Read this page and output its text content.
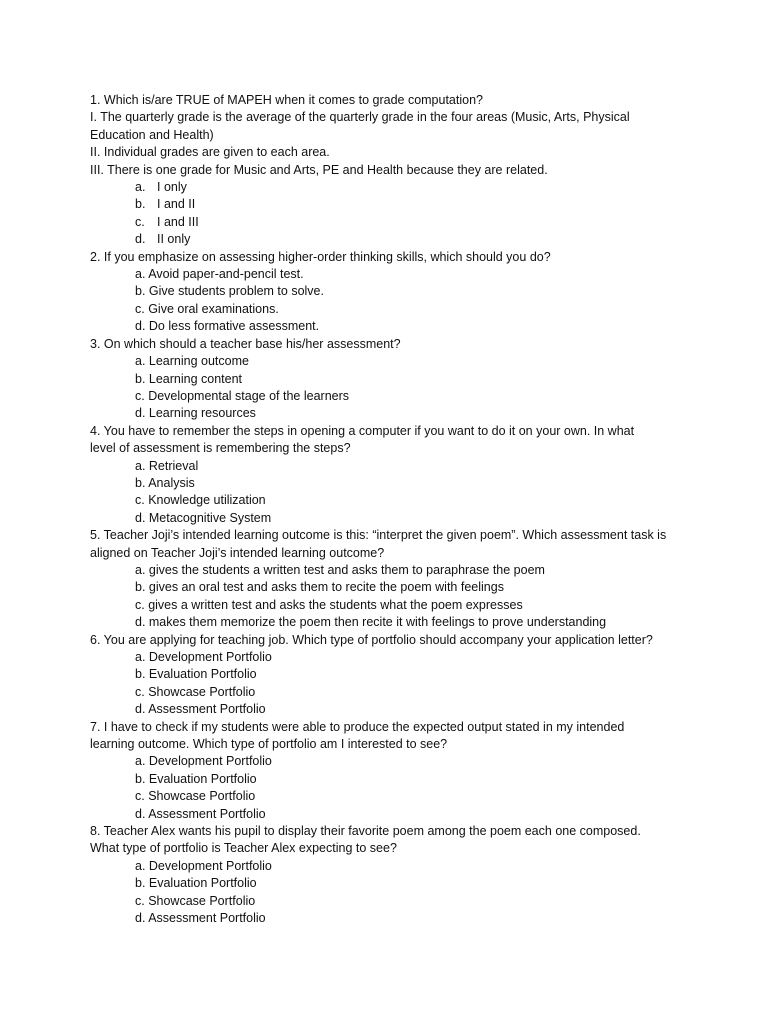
1. Which is/are TRUE of MAPEH when it comes to grade computation?

I. The quarterly grade is the average of the quarterly grade in the four areas (Music, Arts, Physical

Education and Health)

II. Individual grades are given to each area.

III. There is one grade for Music and Arts, PE and Health because they are related.

a. I only

b. I and II

c. I and III

d. II only

2. If you emphasize on assessing higher-order thinking skills, which should you do?

a. Avoid paper-and-pencil test.

b. Give students problem to solve.

c. Give oral examinations.

d. Do less formative assessment.

3. On which should a teacher base his/her assessment?

a. Learning outcome

b. Learning content

c. Developmental stage of the learners

d. Learning resources

4. You have to remember the steps in opening a computer if you want to do it on your own. In what

level of assessment is remembering the steps?

a. Retrieval

b. Analysis

c. Knowledge utilization

d. Metacognitive System

5. Teacher Joji’s intended learning outcome is this: “interpret the given poem”. Which assessment task is

aligned on Teacher Joji’s intended learning outcome?

a. gives the students a written test and asks them to paraphrase the poem

b. gives an oral test and asks them to recite the poem with feelings

c. gives a written test and asks the students what the poem expresses

d. makes them memorize the poem then recite it with feelings to prove understanding

6. You are applying for teaching job. Which type of portfolio should accompany your application letter?

a. Development Portfolio

b. Evaluation Portfolio

c. Showcase Portfolio

d. Assessment Portfolio

7. I have to check if my students were able to produce the expected output stated in my intended

learning outcome. Which type of portfolio am I interested to see?

a. Development Portfolio

b. Evaluation Portfolio

c. Showcase Portfolio

d. Assessment Portfolio

8. Teacher Alex wants his pupil to display their favorite poem among the poem each one composed.

What type of portfolio is Teacher Alex expecting to see?

a. Development Portfolio

b. Evaluation Portfolio

c. Showcase Portfolio

d. Assessment Portfolio
